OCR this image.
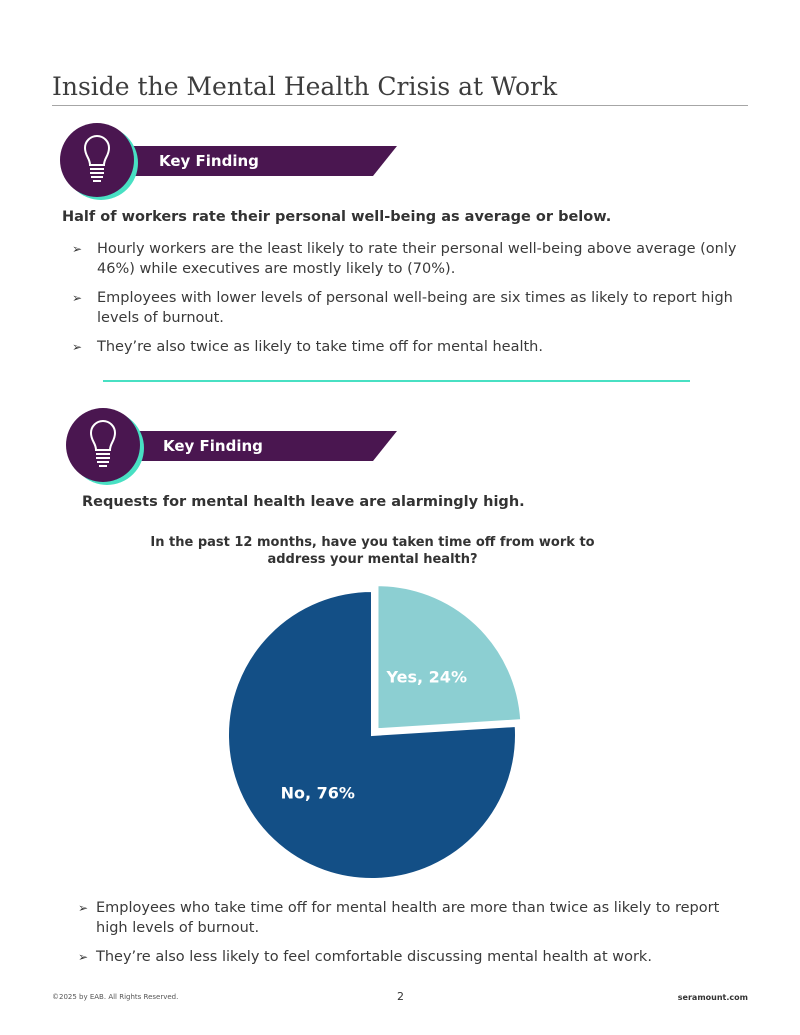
Inside the Mental Health Crisis at Work
Key Finding

Half of workers rate their personal well-being as average or below.

➢ Hourly workers are the least likely to rate their personal well-being above average (only 46%) while executives are mostly likely to (70%).
➢ Employees with lower levels of personal well-being are six times as likely to report high levels of burnout.
➢ They’re also twice as likely to take time off for mental health.
Key Finding

Requests for mental health leave are alarmingly high.

In the past 12 months, have you taken time off from work to address your mental health?
Yes, 24%
No, 76%
➢ Employees who take time off for mental health are more than twice as likely to report high levels of burnout.
➢ They’re also less likely to feel comfortable discussing mental health at work.
©2025 by EAB. All Rights Reserved.	2	seramount.com
